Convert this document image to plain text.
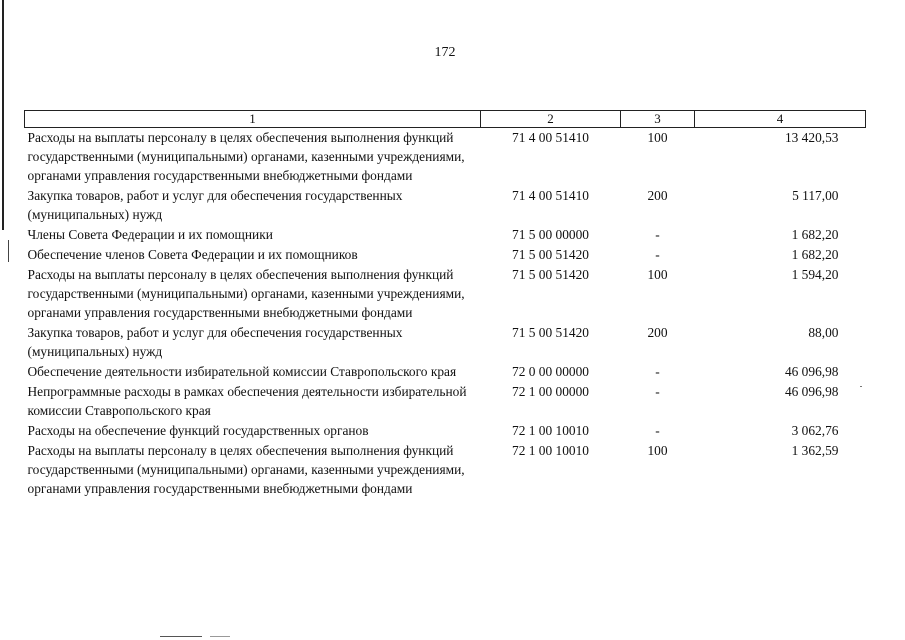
172
1	2	3	4
Расходы на выплаты персоналу в целях обеспечения выполнения функций государственными (муниципальными) органами, казенными учреждениями, органами управления государственными внебюджетными фондами	71 4 00 51410	100	13 420,53
Закупка товаров, работ и услуг для обеспечения государственных (муниципальных) нужд	71 4 00 51410	200	5 117,00
Члены Совета Федерации и их помощники	71 5 00 00000	-	1 682,20
Обеспечение членов Совета Федерации и их помощников	71 5 00 51420	-	1 682,20
Расходы на выплаты персоналу в целях обеспечения выполнения функций государственными (муниципальными) органами, казенными учреждениями, органами управления государственными внебюджетными фондами	71 5 00 51420	100	1 594,20
Закупка товаров, работ и услуг для обеспечения государственных (муниципальных) нужд	71 5 00 51420	200	88,00
Обеспечение деятельности избирательной комиссии Ставропольского края	72 0 00 00000	-	46 096,98
Непрограммные расходы в рамках обеспечения деятельности избирательной комиссии Ставропольского края	72 1 00 00000	-	46 096,98
Расходы на обеспечение функций государственных органов	72 1 00 10010	-	3 062,76
Расходы на выплаты персоналу в целях обеспечения выполнения функций государственными (муниципальными) органами, казенными учреждениями, органами управления государственными внебюджетными фондами	72 1 00 10010	100	1 362,59
